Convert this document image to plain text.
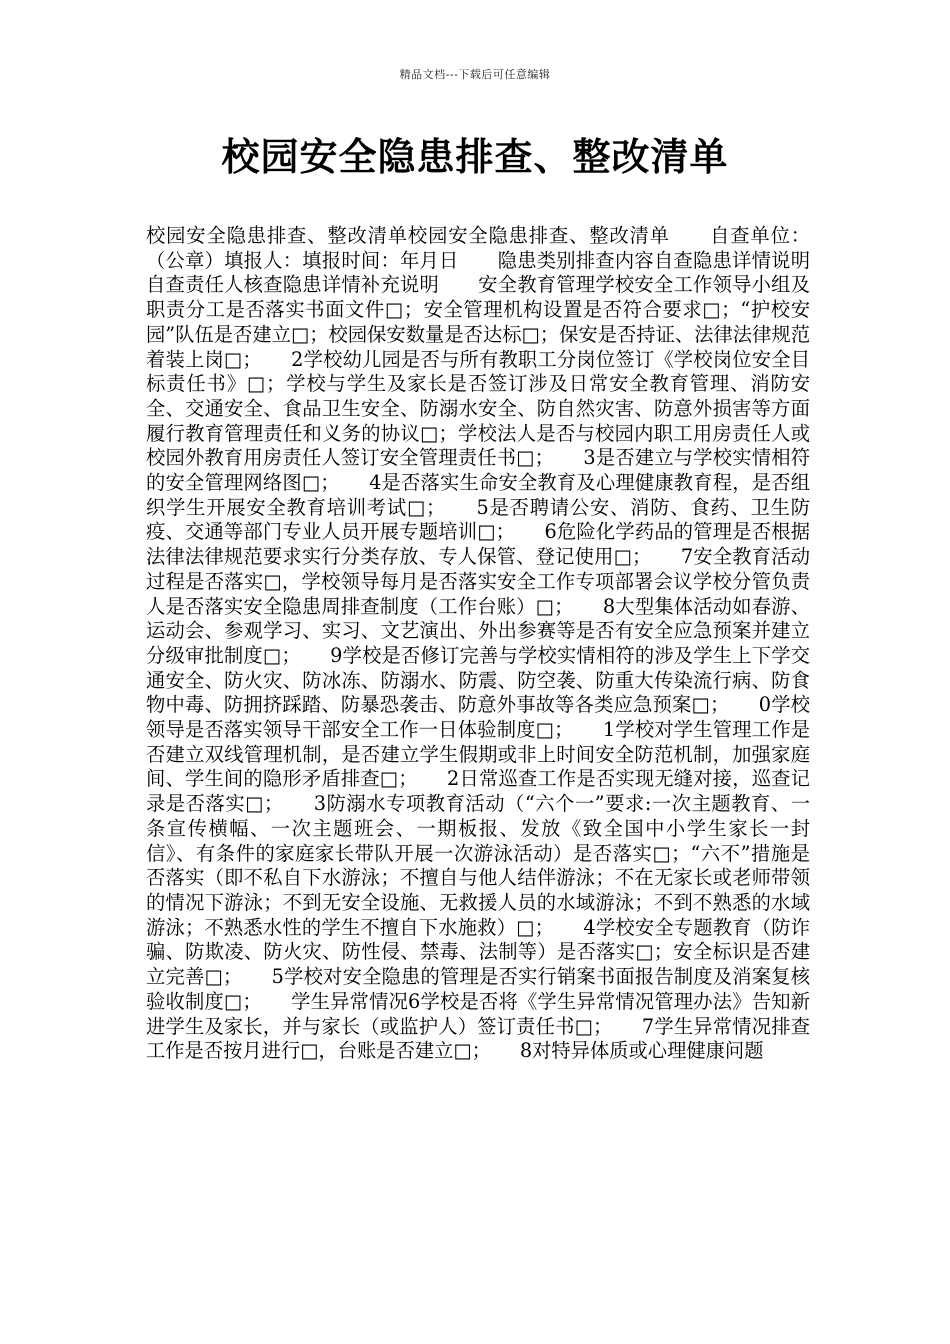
精品文档---下载后可任意编辑
校园安全隐患排查、整改清单

校园安全隐患排查、整改清单校园安全隐患排查、整改清单　　自查单位：（公章）填报人：填报时间：年月日　　隐患类别排查内容自查隐患详情说明自查责任人核查隐患详情补充说明　　安全教育管理学校安全工作领导小组及职责分工是否落实书面文件□；安全管理机构设置是否符合要求□；“护校安园”队伍是否建立□；校园保安数量是否达标□；保安是否持证、法律法律规范着装上岗□；　　2学校幼儿园是否与所有教职工分岗位签订《学校岗位安全目标责任书》□；学校与学生及家长是否签订涉及日常安全教育管理、消防安全、交通安全、食品卫生安全、防溺水安全、防自然灾害、防意外损害等方面履行教育管理责任和义务的协议□；学校法人是否与校园内职工用房责任人或校园外教育用房责任人签订安全管理责任书□；　　3是否建立与学校实情相符的安全管理网络图□；　　4是否落实生命安全教育及心理健康教育程，是否组织学生开展安全教育培训考试□；　　5是否聘请公安、消防、食药、卫生防疫、交通等部门专业人员开展专题培训□；　　6危险化学药品的管理是否根据法律法律规范要求实行分类存放、专人保管、登记使用□；　　7安全教育活动过程是否落实□，学校领导每月是否落实安全工作专项部署会议学校分管负责人是否落实安全隐患周排查制度（工作台账）□；　　8大型集体活动如春游、运动会、参观学习、实习、文艺演出、外出参赛等是否有安全应急预案并建立分级审批制度□；　　9学校是否修订完善与学校实情相符的涉及学生上下学交通安全、防火灾、防冰冻、防溺水、防震、防空袭、防重大传染流行病、防食物中毒、防拥挤踩踏、防暴恐袭击、防意外事故等各类应急预案□；　　0学校领导是否落实领导干部安全工作一日体验制度□；　　1学校对学生管理工作是否建立双线管理机制，是否建立学生假期或非上时间安全防范机制，加强家庭间、学生间的隐形矛盾排查□；　　2日常巡查工作是否实现无缝对接，巡查记录是否落实□；　　3防溺水专项教育活动（“六个一”要求:一次主题教育、一条宣传横幅、一次主题班会、一期板报、发放《致全国中小学生家长一封信》、有条件的家庭家长带队开展一次游泳活动）是否落实□；“六不”措施是否落实（即不私自下水游泳；不擅自与他人结伴游泳；不在无家长或老师带领的情况下游泳；不到无安全设施、无救援人员的水域游泳；不到不熟悉的水域游泳；不熟悉水性的学生不擅自下水施救）□；　　4学校安全专题教育（防诈骗、防欺凌、防火灾、防性侵、禁毒、法制等）是否落实□；安全标识是否建立完善□；　　5学校对安全隐患的管理是否实行销案书面报告制度及消案复核验收制度□；　　学生异常情况6学校是否将《学生异常情况管理办法》告知新进学生及家长，并与家长（或监护人）签订责任书□；　　7学生异常情况排查工作是否按月进行□，台账是否建立□；　　8对特异体质或心理健康问题
